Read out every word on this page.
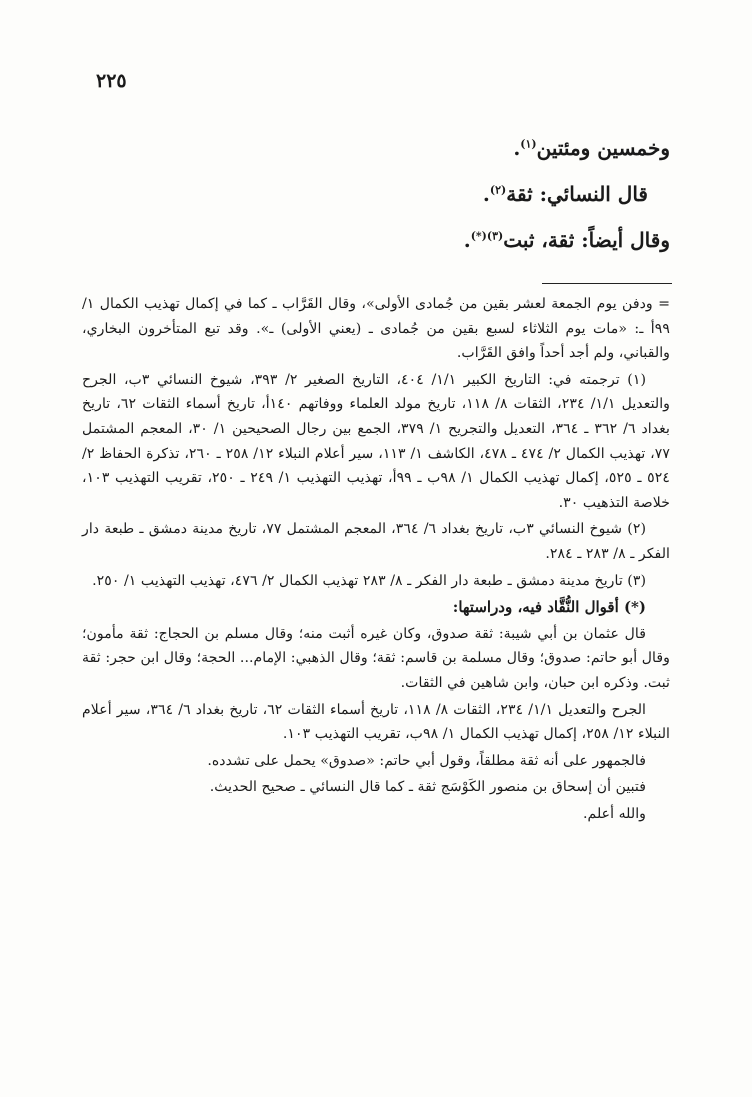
٢٢٥
وخمسين ومئتين$^{(١)}$.
قال النسائي: ثقة$^{(٢)}$.
وقال أيضاً: ثقة، ثبت$^{(٣)(*)}$.

= ودفن يوم الجمعة لعشر بقين من جُمادى الأولى»، وقال القَرَّاب ـ كما في إكمال تهذيب الكمال ١/ ٩٩أ ـ: «مات يوم الثلاثاء لسبع بقين من جُمادى ـ (يعني الأولى) ـ». وقد تبع المتأخرون البخاري، والقباني، ولم أجد أحداً وافق القَرَّاب.

(١) ترجمته في: التاريخ الكبير ١/١/ ٤٠٤، التاريخ الصغير ٢/ ٣٩٣، شيوخ النسائي ٣ب، الجرح والتعديل ١/١/ ٢٣٤، الثقات ٨/ ١١٨، تاريخ مولد العلماء ووفاتهم ١٤٠أ، تاريخ أسماء الثقات ٦٢، تاريخ بغداد ٦/ ٣٦٢ ـ ٣٦٤، التعديل والتجريح ١/ ٣٧٩، الجمع بين رجال الصحيحين ١/ ٣٠، المعجم المشتمل ٧٧، تهذيب الكمال ٢/ ٤٧٤ ـ ٤٧٨، الكاشف ١/ ١١٣، سير أعلام النبلاء ١٢/ ٢٥٨ ـ ٢٦٠، تذكرة الحفاظ ٢/ ٥٢٤ ـ ٥٢٥، إكمال تهذيب الكمال ١/ ٩٨ب ـ ٩٩أ، تهذيب التهذيب ١/ ٢٤٩ ـ ٢٥٠، تقريب التهذيب ١٠٣، خلاصة التذهيب ٣٠.

(٢) شيوخ النسائي ٣ب، تاريخ بغداد ٦/ ٣٦٤، المعجم المشتمل ٧٧، تاريخ مدينة دمشق ـ طبعة دار الفكر ـ ٨/ ٢٨٣ ـ ٢٨٤.

(٣) تاريخ مدينة دمشق ـ طبعة دار الفكر ـ ٨/ ٢٨٣ تهذيب الكمال ٢/ ٤٧٦، تهذيب التهذيب ١/ ٢٥٠.

(*) أقوال النُّقَّاد فيه، ودراستها:

قال عثمان بن أبي شيبة: ثقة صدوق، وكان غيره أثبت منه؛ وقال مسلم بن الحجاج: ثقة مأمون؛ وقال أبو حاتم: صدوق؛ وقال مسلمة بن قاسم: ثقة؛ وقال الذهبي: الإمام... الحجة؛ وقال ابن حجر: ثقة ثبت. وذكره ابن حبان، وابن شاهين في الثقات.

الجرح والتعديل ١/١/ ٢٣٤، الثقات ٨/ ١١٨، تاريخ أسماء الثقات ٦٢، تاريخ بغداد ٦/ ٣٦٤، سير أعلام النبلاء ١٢/ ٢٥٨، إكمال تهذيب الكمال ١/ ٩٨ب، تقريب التهذيب ١٠٣.

فالجمهور على أنه ثقة مطلقاً، وقول أبي حاتم: «صدوق» يحمل على تشدده.

فتبين أن إسحاق بن منصور الكَوْسَج ثقة ـ كما قال النسائي ـ صحيح الحديث.

والله أعلم.
